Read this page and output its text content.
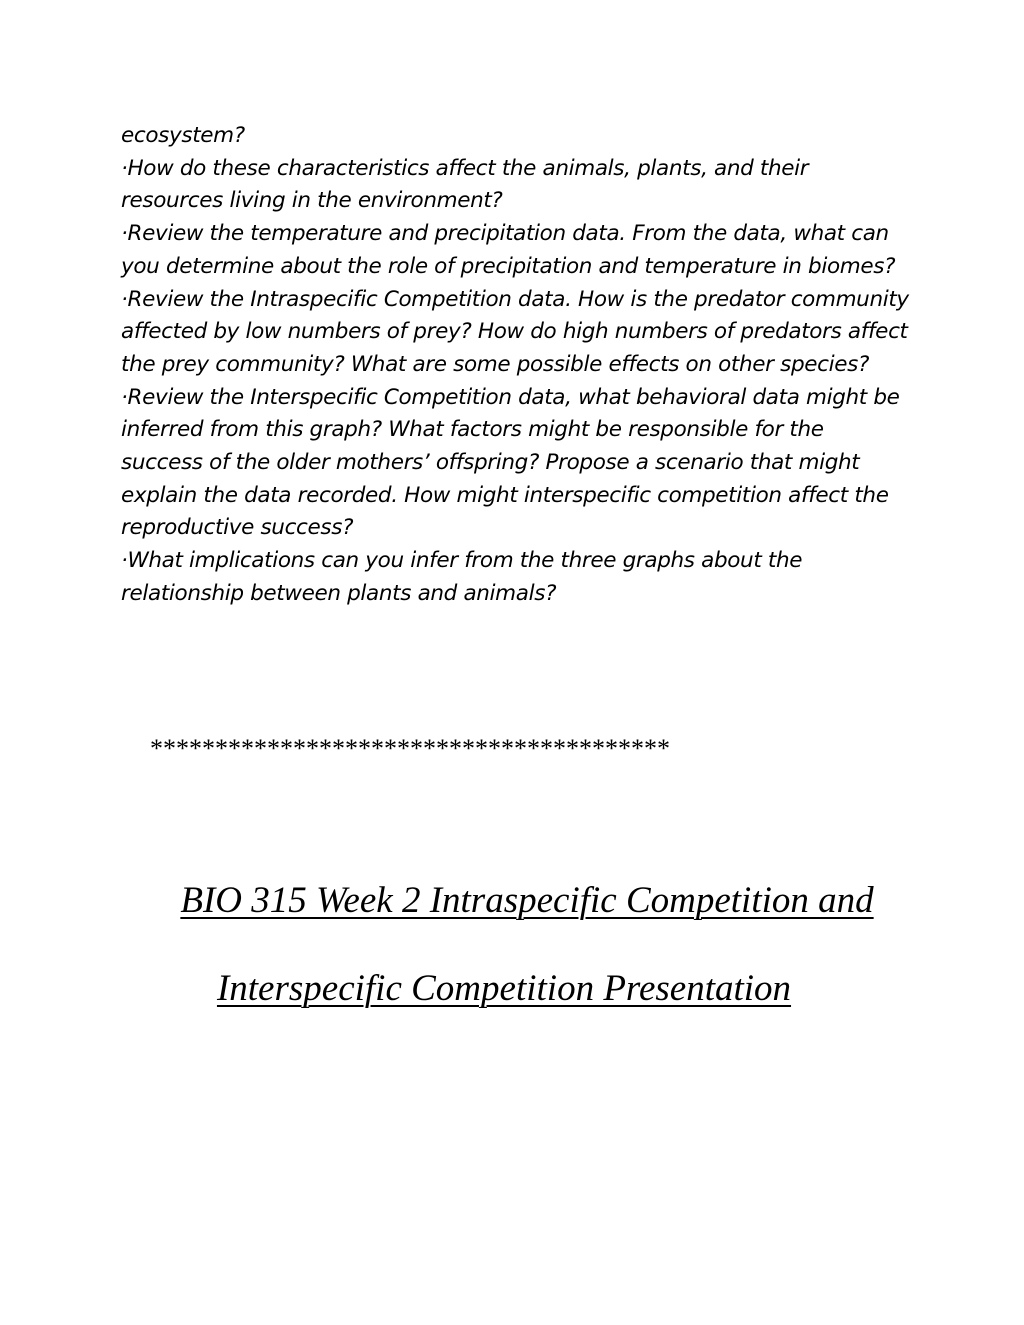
ecosystem?

·How do these characteristics affect the animals, plants, and their resources living in the environment?

·Review the temperature and precipitation data. From the data, what can you determine about the role of precipitation and temperature in biomes?

·Review the Intraspecific Competition data. How is the predator community affected by low numbers of prey? How do high numbers of predators affect the prey community? What are some possible effects on other species?

·Review the Interspecific Competition data, what behavioral data might be inferred from this graph? What factors might be responsible for the success of the older mothers’ offspring? Propose a scenario that might explain the data recorded. How might interspecific competition affect the reproductive success?

·What implications can you infer from the three graphs about the relationship between plants and animals?

****************************************
BIO 315 Week 2 Intraspecific Competition and
Interspecific Competition Presentation
